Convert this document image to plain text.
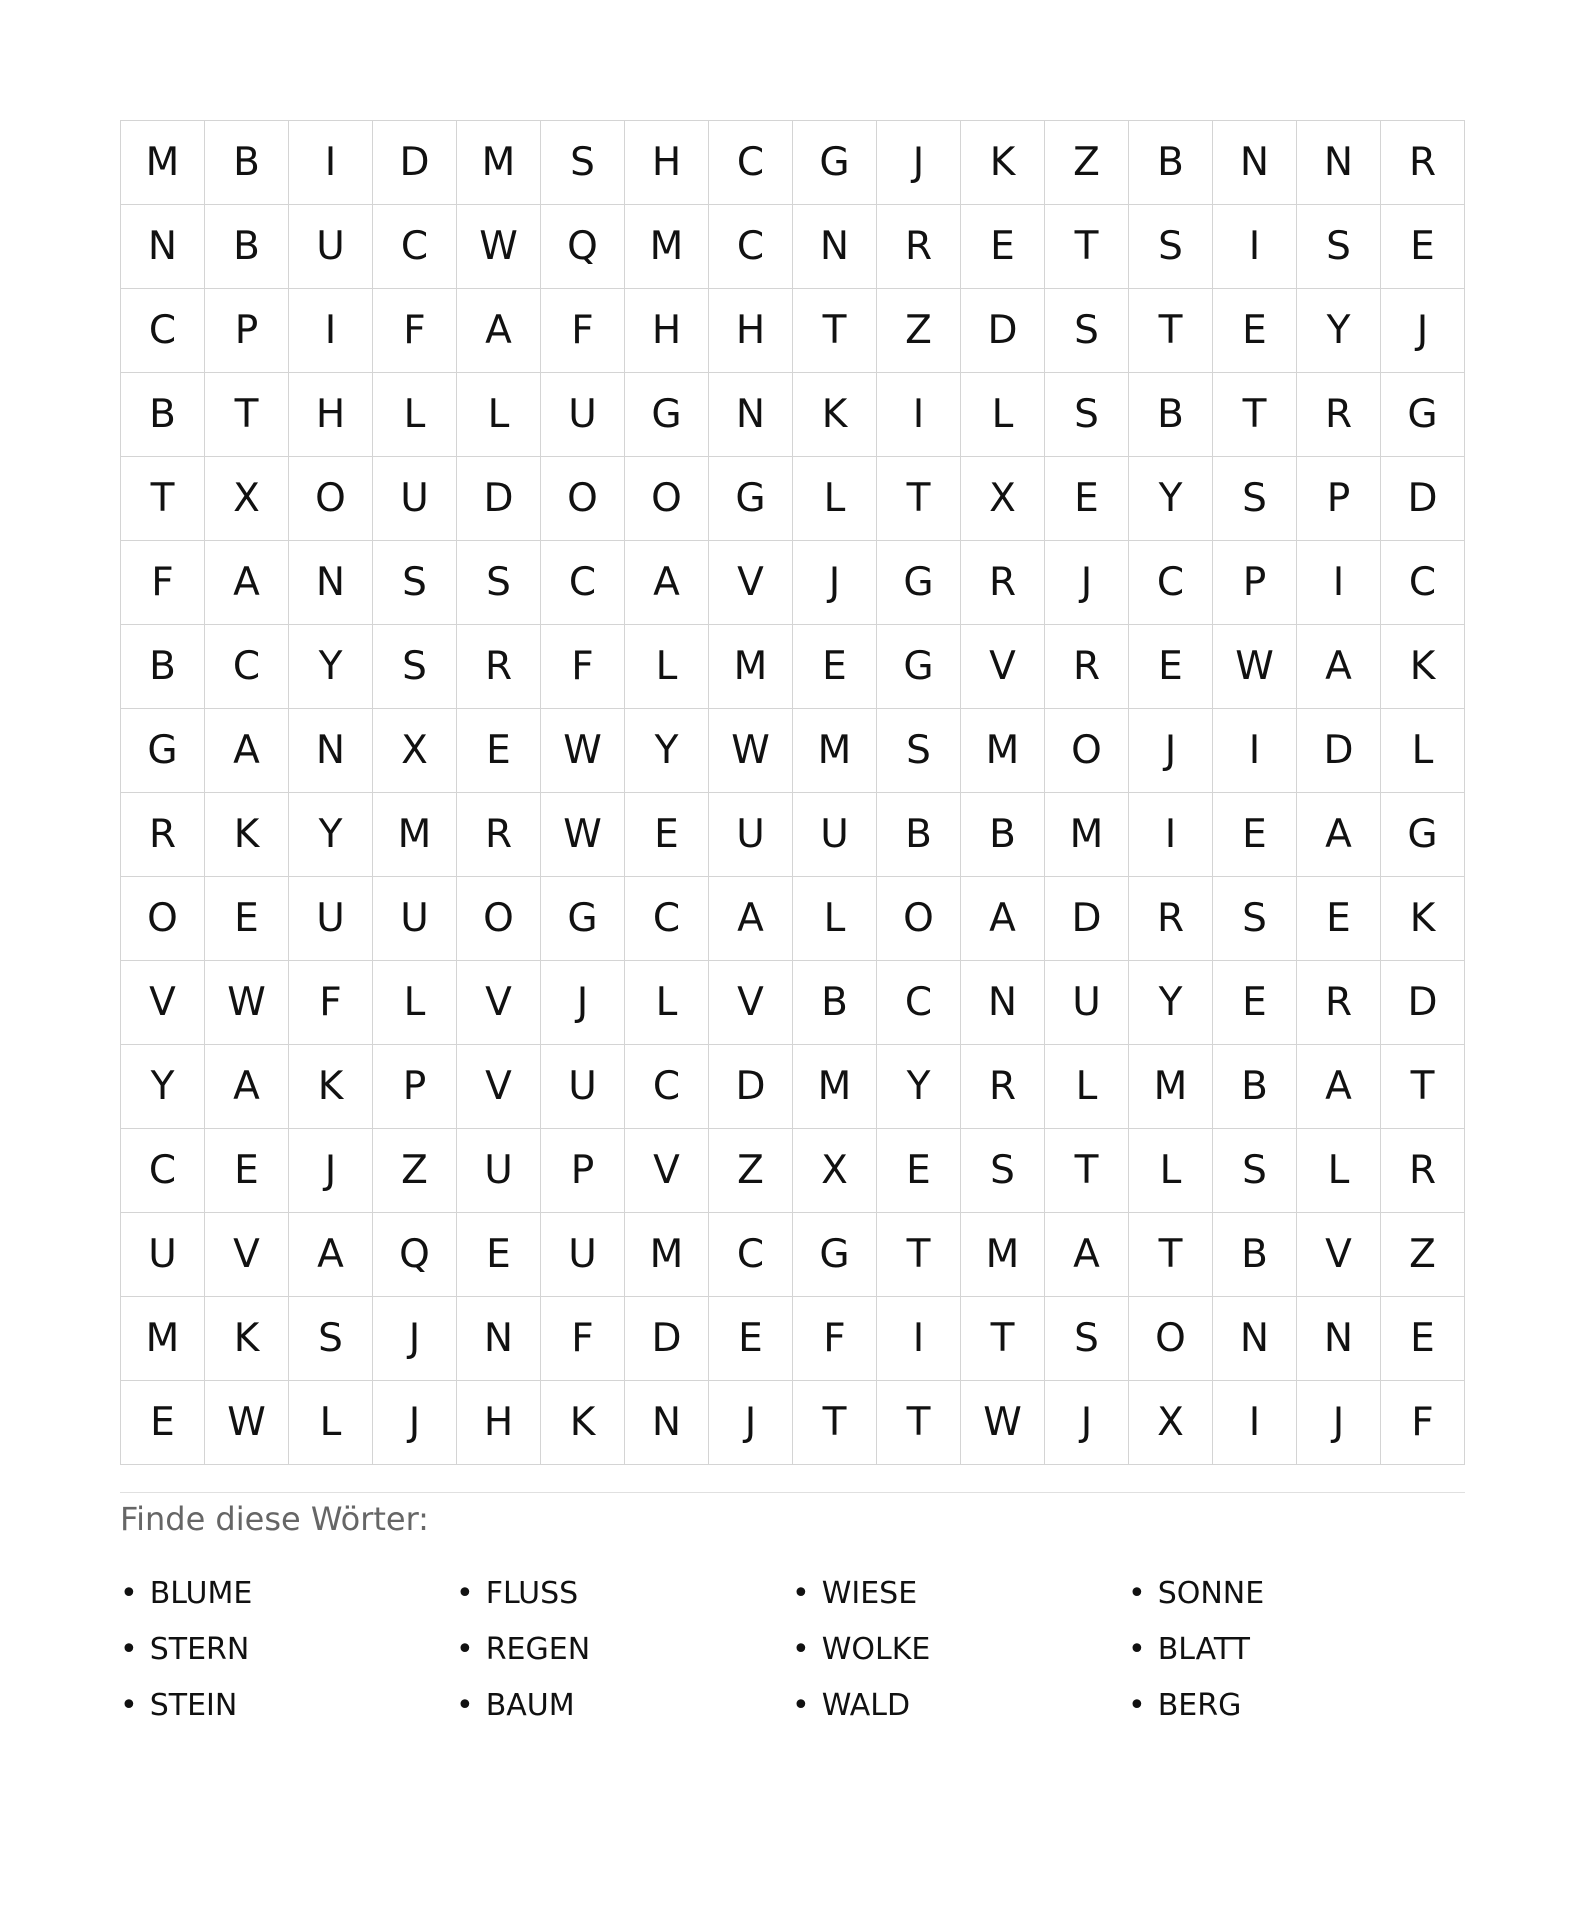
M	B	I	D	M	S	H	C	G	J	K	Z	B	N	N	R
N	B	U	C	W	Q	M	C	N	R	E	T	S	I	S	E
C	P	I	F	A	F	H	H	T	Z	D	S	T	E	Y	J
B	T	H	L	L	U	G	N	K	I	L	S	B	T	R	G
T	X	O	U	D	O	O	G	L	T	X	E	Y	S	P	D
F	A	N	S	S	C	A	V	J	G	R	J	C	P	I	C
B	C	Y	S	R	F	L	M	E	G	V	R	E	W	A	K
G	A	N	X	E	W	Y	W	M	S	M	O	J	I	D	L
R	K	Y	M	R	W	E	U	U	B	B	M	I	E	A	G
O	E	U	U	O	G	C	A	L	O	A	D	R	S	E	K
V	W	F	L	V	J	L	V	B	C	N	U	Y	E	R	D
Y	A	K	P	V	U	C	D	M	Y	R	L	M	B	A	T
C	E	J	Z	U	P	V	Z	X	E	S	T	L	S	L	R
U	V	A	Q	E	U	M	C	G	T	M	A	T	B	V	Z
M	K	S	J	N	F	D	E	F	I	T	S	O	N	N	E
E	W	L	J	H	K	N	J	T	T	W	J	X	I	J	F
Finde diese Wörter:
• BLUME	• FLUSS	• WIESE	• SONNE
• STERN	• REGEN	• WOLKE	• BLATT
• STEIN	• BAUM	• WALD	• BERG
